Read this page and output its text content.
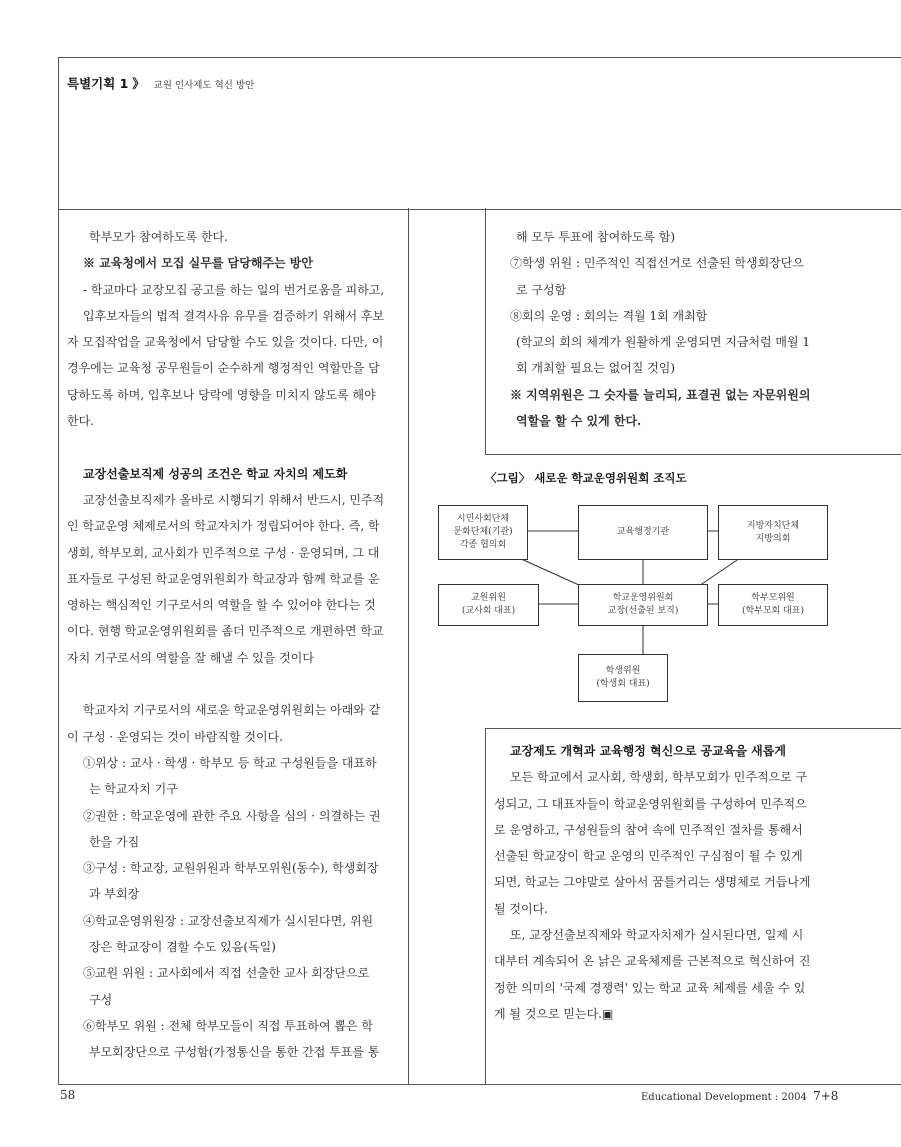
특별기획 1 》 교원 인사제도 혁신 방안

학부모가 참여하도록 한다.

※ 교육청에서 모집 실무를 담당해주는 방안

- 학교마다 교장모집 공고를 하는 일의 번거로움을 피하고,

입후보자들의 법적 결격사유 유무를 검증하기 위해서 후보

자 모집작업을 교육청에서 담당할 수도 있을 것이다. 다만, 이

경우에는 교육청 공무원들이 순수하게 행정적인 역할만을 담

당하도록 하며, 입후보나 당락에 영향을 미치지 않도록 해야

한다.

교장선출보직제 성공의 조건은 학교 자치의 제도화

교장선출보직제가 올바로 시행되기 위해서 반드시, 민주적

인 학교운영 체제로서의 학교자치가 정립되어야 한다. 즉, 학

생회, 학부모회, 교사회가 민주적으로 구성 · 운영되며, 그 대

표자들로 구성된 학교운영위원회가 학교장과 함께 학교를 운

영하는 핵심적인 기구로서의 역할을 할 수 있어야 한다는 것

이다. 현행 학교운영위원회를 좀더 민주적으로 개편하면 학교

자치 기구로서의 역할을 잘 해낼 수 있을 것이다

학교자치 기구로서의 새로운 학교운영위원회는 아래와 같

이 구성 · 운영되는 것이 바람직할 것이다.

①위상 : 교사 · 학생 · 학부모 등 학교 구성원들을 대표하

는 학교자치 기구

②권한 : 학교운영에 관한 주요 사항을 심의 · 의결하는 권

한을 가짐

③구성 : 학교장, 교원위원과 학부모위원(동수), 학생회장

과 부회장

④학교운영위원장 : 교장선출보직제가 실시된다면, 위원

장은 학교장이 겸할 수도 있음(독일)

⑤교원 위원 : 교사회에서 직접 선출한 교사 회장단으로

구성

⑥학부모 위원 : 전체 학부모들이 직접 투표하여 뽑은 학

부모회장단으로 구성함(가정통신을 통한 간접 투표를 통

해 모두 투표에 참여하도록 함)

⑦학생 위원 : 민주적인 직접선거로 선출된 학생회장단으

로 구성함

⑧회의 운영 : 회의는 격월 1회 개최함

(학교의 회의 체계가 원활하게 운영되면 지금처럼 매월 1

회 개최할 필요는 없어질 것임)

※ 지역위원은 그 숫자를 늘리되, 표결권 없는 자문위원의

역할을 할 수 있게 한다.

교장제도 개혁과 교육행정 혁신으로 공교육을 새롭게

모든 학교에서 교사회, 학생회, 학부모회가 민주적으로 구

성되고, 그 대표자들이 학교운영위원회를 구성하여 민주적으

로 운영하고, 구성원들의 참여 속에 민주적인 절차를 통해서

선출된 학교장이 학교 운영의 민주적인 구심점이 될 수 있게

되면, 학교는 그야말로 살아서 꿈틀거리는 생명체로 거듭나게

될 것이다.

또, 교장선출보직제와 학교자치제가 실시된다면, 일제 시

대부터 계속되어 온 낡은 교육체제를 근본적으로 혁신하여 진

정한 의미의 '국제 경쟁력' 있는 학교 교육 체제를 세울 수 있

게 될 것으로 믿는다.▣

〈그림〉 새로운 학교운영위원회 조직도
시민사회단체
문화단체(기관)
각종 협의회
교육행정기관
지방자치단체
지방의회
교원위원
(교사회 대표)
학교운영위원회
교장(선출된 보직)
학부모위원
(학부모회 대표)
학생위원
(학생회 대표)
58	Educational Development : 2004 7+8
